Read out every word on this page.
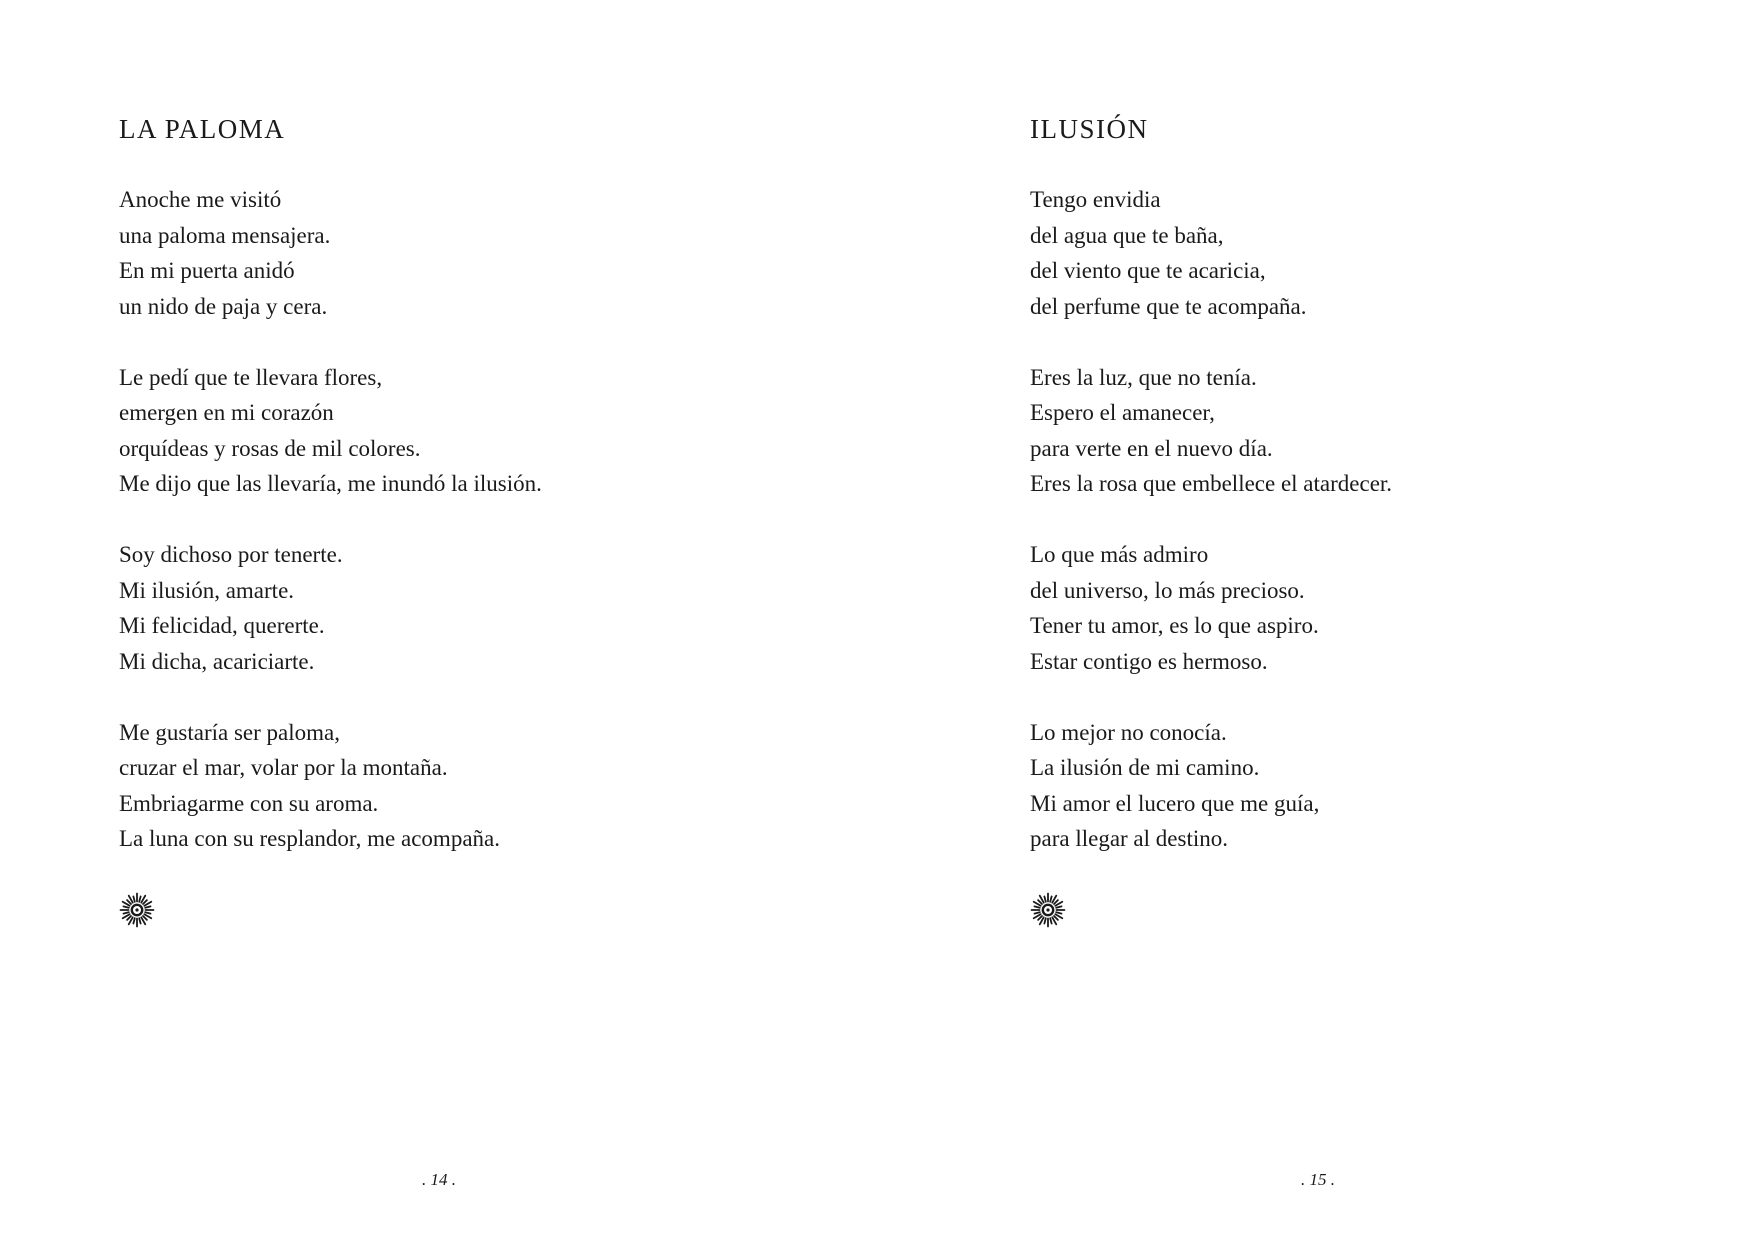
LA PALOMA
Anoche me visitó
una paloma mensajera.
En mi puerta anidó
un nido de paja y cera.
Le pedí que te llevara flores,
emergen en mi corazón
orquídeas y rosas de mil colores.
Me dijo que las llevaría, me inundó la ilusión.
Soy dichoso por tenerte.
Mi ilusión, amarte.
Mi felicidad, quererte.
Mi dicha, acariciarte.
Me gustaría ser paloma,
cruzar el mar, volar por la montaña.
Embriagarme con su aroma.
La luna con su resplandor, me acompaña.
. 14 .
ILUSIÓN
Tengo envidia
del agua que te baña,
del viento que te acaricia,
del perfume que te acompaña.
Eres la luz, que no tenía.
Espero el amanecer,
para verte en el nuevo día.
Eres la rosa que embellece el atardecer.
Lo que más admiro
del universo, lo más precioso.
Tener tu amor, es lo que aspiro.
Estar contigo es hermoso.
Lo mejor no conocía.
La ilusión de mi camino.
Mi amor el lucero que me guía,
para llegar al destino.
. 15 .
